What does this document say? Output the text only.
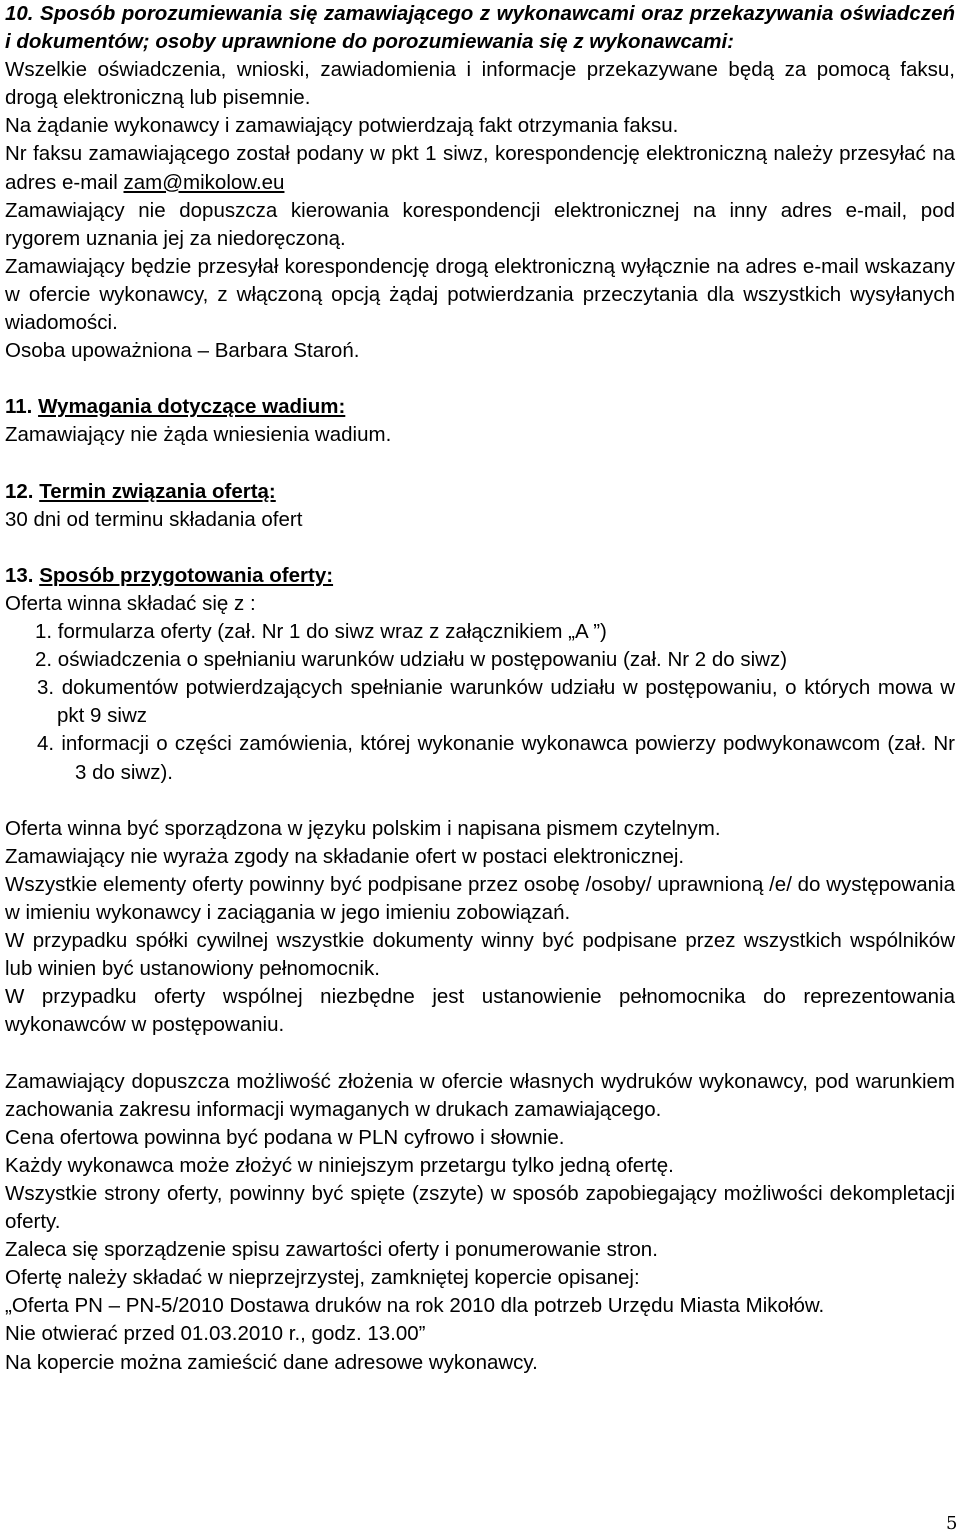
10. Sposób porozumiewania się zamawiającego z wykonawcami oraz przekazywania oświadczeń i dokumentów; osoby uprawnione do porozumiewania się z wykonawcami:

Wszelkie oświadczenia, wnioski, zawiadomienia i informacje przekazywane będą za pomocą faksu, drogą elektroniczną lub pisemnie.

Na żądanie wykonawcy i zamawiający potwierdzają fakt otrzymania faksu.

Nr faksu zamawiającego został podany w pkt 1 siwz, korespondencję elektroniczną należy przesyłać na adres e-mail zam@mikolow.eu

Zamawiający nie dopuszcza kierowania korespondencji elektronicznej na inny adres e-mail, pod rygorem uznania jej za niedoręczoną.

Zamawiający będzie przesyłał korespondencję drogą elektroniczną wyłącznie na adres e-mail wskazany w ofercie wykonawcy, z włączoną opcją żądaj potwierdzania przeczytania dla wszystkich wysyłanych wiadomości.

Osoba upoważniona – Barbara Staroń.

11. Wymagania dotyczące wadium:

Zamawiający nie żąda wniesienia wadium.

12. Termin związania ofertą:

30 dni od terminu składania ofert

13. Sposób przygotowania oferty:

Oferta winna składać się z :

1. formularza oferty (zał. Nr 1 do siwz wraz z załącznikiem „A ”)

2. oświadczenia o spełnianiu warunków udziału w postępowaniu (zał. Nr 2 do siwz)

3. dokumentów potwierdzających spełnianie warunków udziału w postępowaniu, o których mowa w pkt 9 siwz

4. informacji o części zamówienia, której wykonanie wykonawca powierzy podwykonawcom (zał. Nr 3 do siwz).

Oferta winna być sporządzona w języku polskim i napisana pismem czytelnym.

Zamawiający nie wyraża zgody na składanie ofert w postaci elektronicznej.

Wszystkie elementy oferty powinny być podpisane przez osobę /osoby/ uprawnioną /e/ do występowania w imieniu wykonawcy i zaciągania w jego imieniu zobowiązań.

W przypadku spółki cywilnej wszystkie dokumenty winny być podpisane przez wszystkich wspólników lub winien być ustanowiony pełnomocnik.

W przypadku oferty wspólnej niezbędne jest ustanowienie pełnomocnika do reprezentowania wykonawców w postępowaniu.

Zamawiający dopuszcza możliwość złożenia w ofercie własnych wydruków wykonawcy, pod warunkiem zachowania zakresu informacji wymaganych w drukach zamawiającego.

Cena ofertowa powinna być podana w PLN cyfrowo i słownie.

Każdy wykonawca może złożyć w niniejszym przetargu tylko jedną ofertę.

Wszystkie strony oferty, powinny być spięte (zszyte) w sposób zapobiegający możliwości dekompletacji oferty.

Zaleca się sporządzenie spisu zawartości oferty i ponumerowanie stron.

Ofertę należy składać w nieprzejrzystej, zamkniętej kopercie opisanej:

„Oferta PN – PN-5/2010 Dostawa druków na rok 2010 dla potrzeb Urzędu Miasta Mikołów.

Nie otwierać przed 01.03.2010 r., godz. 13.00”

Na kopercie można zamieścić dane adresowe wykonawcy.

5
